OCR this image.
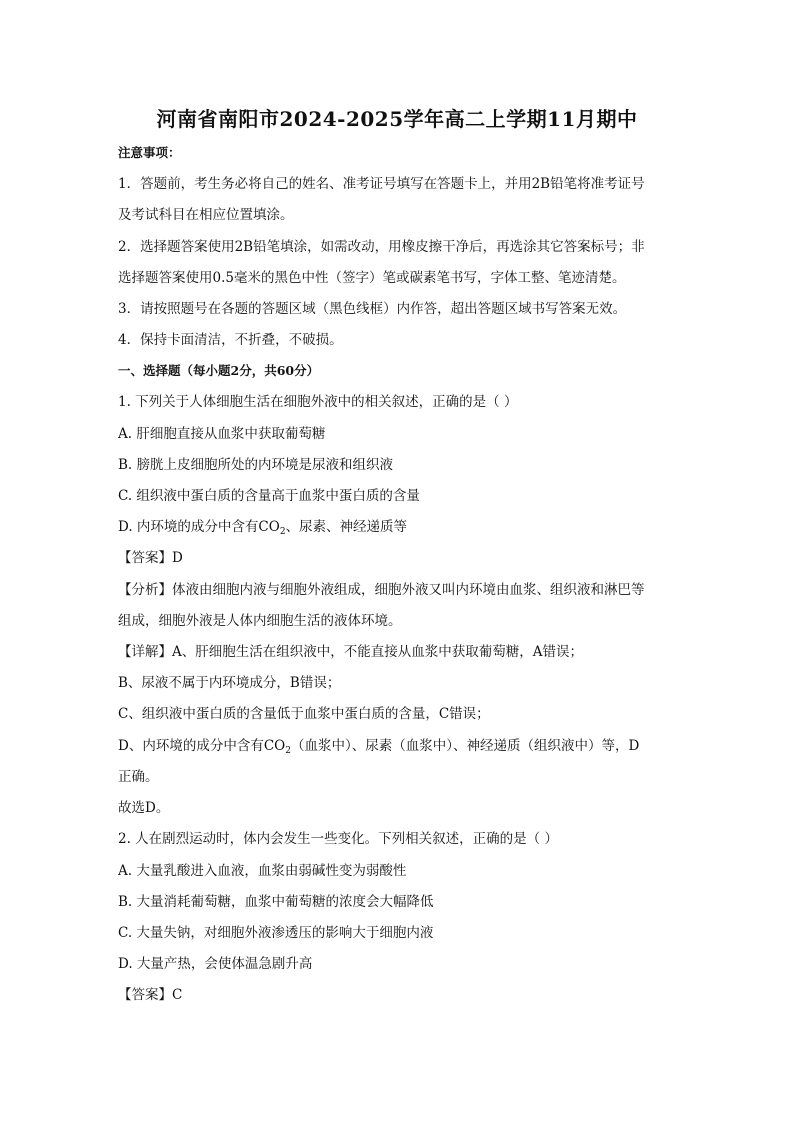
河南省南阳市2024-2025学年高二上学期11月期中
注意事项：
1．答题前，考生务必将自己的姓名、准考证号填写在答题卡上，并用2B铅笔将准考证号
及考试科目在相应位置填涂。
2．选择题答案使用2B铅笔填涂，如需改动，用橡皮擦干净后，再选涂其它答案标号；非
选择题答案使用0.5毫米的黑色中性（签字）笔或碳素笔书写，字体工整、笔迹清楚。
3．请按照题号在各题的答题区域（黑色线框）内作答，超出答题区域书写答案无效。
4．保持卡面清洁，不折叠，不破损。
一、选择题（每小题2分，共60分）
1. 下列关于人体细胞生活在细胞外液中的相关叙述，正确的是（ ）
A. 肝细胞直接从血浆中获取葡萄糖
B. 膀胱上皮细胞所处的内环境是尿液和组织液
C. 组织液中蛋白质的含量高于血浆中蛋白质的含量
D. 内环境的成分中含有$CO_2$、尿素、神经递质等
【答案】D
【分析】体液由细胞内液与细胞外液组成，细胞外液又叫内环境由血浆、组织液和淋巴等
组成，细胞外液是人体内细胞生活的液体环境。
【详解】A、肝细胞生活在组织液中，不能直接从血浆中获取葡萄糖，A错误；
B、尿液不属于内环境成分，B错误；
C、组织液中蛋白质的含量低于血浆中蛋白质的含量，C错误；
D、内环境的成分中含有$CO_2$（血浆中）、尿素（血浆中）、神经递质（组织液中）等，D
正确。
故选D。
2. 人在剧烈运动时，体内会发生一些变化。下列相关叙述，正确的是（ ）
A. 大量乳酸进入血液，血浆由弱碱性变为弱酸性
B. 大量消耗葡萄糖，血浆中葡萄糖的浓度会大幅降低
C. 大量失钠，对细胞外液渗透压的影响大于细胞内液
D. 大量产热，会使体温急剧升高
【答案】C
